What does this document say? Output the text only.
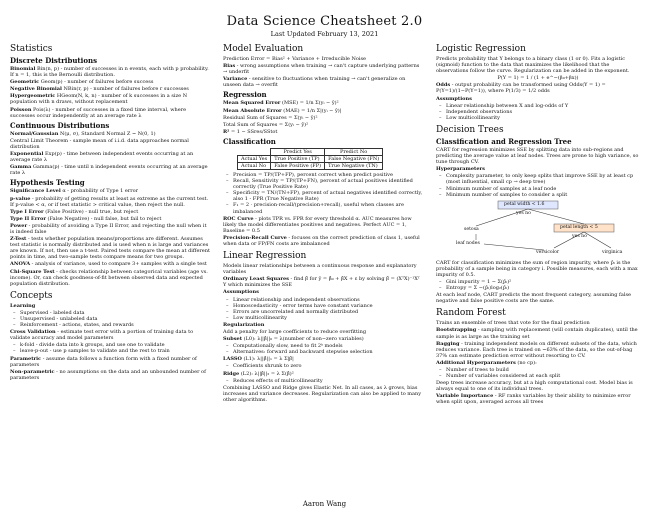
Data Science Cheatsheet 2.0
Last Updated February 13, 2021
Statistics
Discrete Distributions

Binomial Bin(n, p) - number of successes in n events, each with p probability. If n = 1, this is the Bernoulli distribution.

Geometric Geom(p) - number of failures before success

Negative Binomial NBin(r, p) - number of failures before r successes

Hypergeometric HGeom(N, k, n) - number of k successes in a size N population with n draws, without replacement

Poisson Pois(λ) - number of successes in a fixed time interval, where successes occur independently at an average rate λ

Continuous Distributions

Normal/Gaussian N(μ, σ), Standard Normal Z ~ N(0, 1)

Central Limit Theorem - sample mean of i.i.d. data approaches normal distribution

Exponential Exp(p) - time between independent events occurring at an average rate λ

Gamma Gamma(p) - time until n independent events occurring at an average rate λ

Hypothesis Testing

Significance Level α - probability of Type 1 error

p-value - probability of getting results at least as extreme as the current test. If p-value < α, or if test statistic > critical value, then reject the null.

Type I Error (False Positive) - null true, but reject

Type II Error (False Negative) - null false, but fail to reject

Power - probability of avoiding a Type II Error, and rejecting the null when it is indeed false

Z-Test - tests whether population means/proportions are different. Assumes test statistic is normally distributed and is used when n is large and variances are known. If not, then use a t-test. Paired tests compare the mean at different points in time, and two-sample tests compare means for two groups.

ANOVA - analysis of variance, used to compare 3+ samples with a single test

Chi-Square Test - checks relationship between categorical variables (age vs. income). Or, can check goodness-of-fit between observed data and expected population distribution.

Concepts

Learning

– Supervised - labeled data
– Unsupervised - unlabeled data
– Reinforcement - actions, states, and rewards

Cross Validation - estimate test error with a portion of training data to validate accuracy and model parameters

– k-fold - divide data into k groups, and use one to validate
– leave-p-out - use p samples to validate and the rest to train

Parametric - assume data follows a function form with a fixed number of parameters

Non-parametric - no assumptions on the data and an unbounded number of parameters

Model Evaluation

Prediction Error = Bias² + Variance + Irreducible Noise

Bias - wrong assumptions when training → can't capture underlying patterns → underfit

Variance - sensitive to fluctuations when training → can't generalize on unseen data → overfit

Regression

Mean Squared Error (MSE) = 1/n Σ(yᵢ − ŷ)²

Mean Absolute Error (MAE) = 1/n Σ|(yᵢ − ŷ)|

Residual Sum of Squares = Σ(yᵢ − ŷ)²

Total Sum of Squares = Σ(yᵢ − ȳ)²

R² = 1 − SSres/SStot

Classification
	Predict Yes	Predict No
Actual Yes	True Positive (TP)	False Negative (FN)
Actual No	False Positive (FP)	True Negative (TN)
– Precision = TP/(TP+FP), percent correct when predict positive
– Recall, Sensitivity = TP/(TP+FN), percent of actual positives identified correctly (True Positive Rate)
– Specificity = TN/(TN+FP), percent of actual negatives identified correctly, also 1 - FPR (True Negative Rate)
– F₁ = 2 · precision·recall/(precision+recall), useful when classes are imbalanced

ROC Curve - plots TPR vs. FPR for every threshold α. AUC measures how likely the model differentiates positives and negatives. Perfect AUC = 1, Baseline = 0.5

Precision-Recall Curve - focuses on the correct prediction of class 1, useful when data or FP/FN costs are imbalanced

Linear Regression

Models linear relationships between a continuous response and explanatory variables

Ordinary Least Squares - find β̂ for ŷ = β̂₀ + β̂X + ε by solving β̂ = (XᵀX)⁻¹Xᵀ Y which minimizes the SSE

Assumptions

– Linear relationship and independent observations
– Homoscedasticity - error terms have constant variance
– Errors are uncorrelated and normally distributed
– Low multicollinearity

Regularization

Add a penalty for large coefficients to reduce overfitting

Subset (L0): λ||β̂||₀ = λ(number of non−zero variables)

– Computationally slow, need to fit 2ᵏ models
– Alternatives: forward and backward stepwise selection

LASSO (L1): λ||β̂||₁ = λ Σ|β̂|

– Coefficients shrunk to zero

Ridge (L2): λ||β̂||₂ = λ Σ(β̂)²

– Reduces effects of multicollinearity

Combining LASSO and Ridge gives Elastic Net. In all cases, as λ grows, bias increases and variance decreases. Regularization can also be applied to many other algorithms.

Logistic Regression

Predicts probability that Y belongs to a binary class (1 or 0). Fits a logistic (sigmoid) function to the data that maximizes the likelihood that the observations follow the curve. Regularization can be added in the exponent.

P(Y = 1) = 1 / (1 + e^−(β₀+βx))

Odds - output probability can be transformed using Odds(Y = 1) = P(Y=1)/(1−P(Y=1)), where P(1/3) = 1/2 odds

Assumptions

– Linear relationship between X and log-odds of Y
– Independent observations
– Low multicollinearity
Decision Trees
Classification and Regression Tree

CART for regression minimizes SSE by splitting data into sub-regions and predicting the average value at leaf nodes. Trees are prone to high variance, so tune through CV.

Hyperparameters

– Complexity parameter, to only keep splits that improve SSE by at least cp (most influential, small cp → deep tree)
– Minimum number of samples at a leaf node
– Minimum number of samples to consider a split
petal width < 1.6
yes no
setosa	petal length < 5
yes no
leaf nodes
versicolor	virginica

CART for classification minimizes the sum of region impurity, where p̂ᵢ is the probability of a sample being in category i. Possible measures, each with a max impurity of 0.5.

– Gini impurity = 1 − Σ(p̂ᵢ)²
– Entropy = Σ −(p̂ᵢ)log₂(p̂ᵢ)

At each leaf node, CART predicts the most frequent category, assuming false negative and false positive costs are the same.

Random Forest

Trains an ensemble of trees that vote for the final prediction

Bootstrapping - sampling with replacement (will contain duplicates), until the sample is as large as the training set

Bagging - training independent models on different subsets of the data, which reduces variance. Each tree is trained on ~63% of the data, so the out-of-bag 37% can estimate prediction error without resorting to CV.

Additional Hyperparameters (no cp):

– Number of trees to build
– Number of variables considered at each split

Deep trees increase accuracy, but at a high computational cost. Model bias is always equal to one of its individual trees.

Variable Importance - RF ranks variables by their ability to minimize error when split upon, averaged across all trees

Aaron Wang
